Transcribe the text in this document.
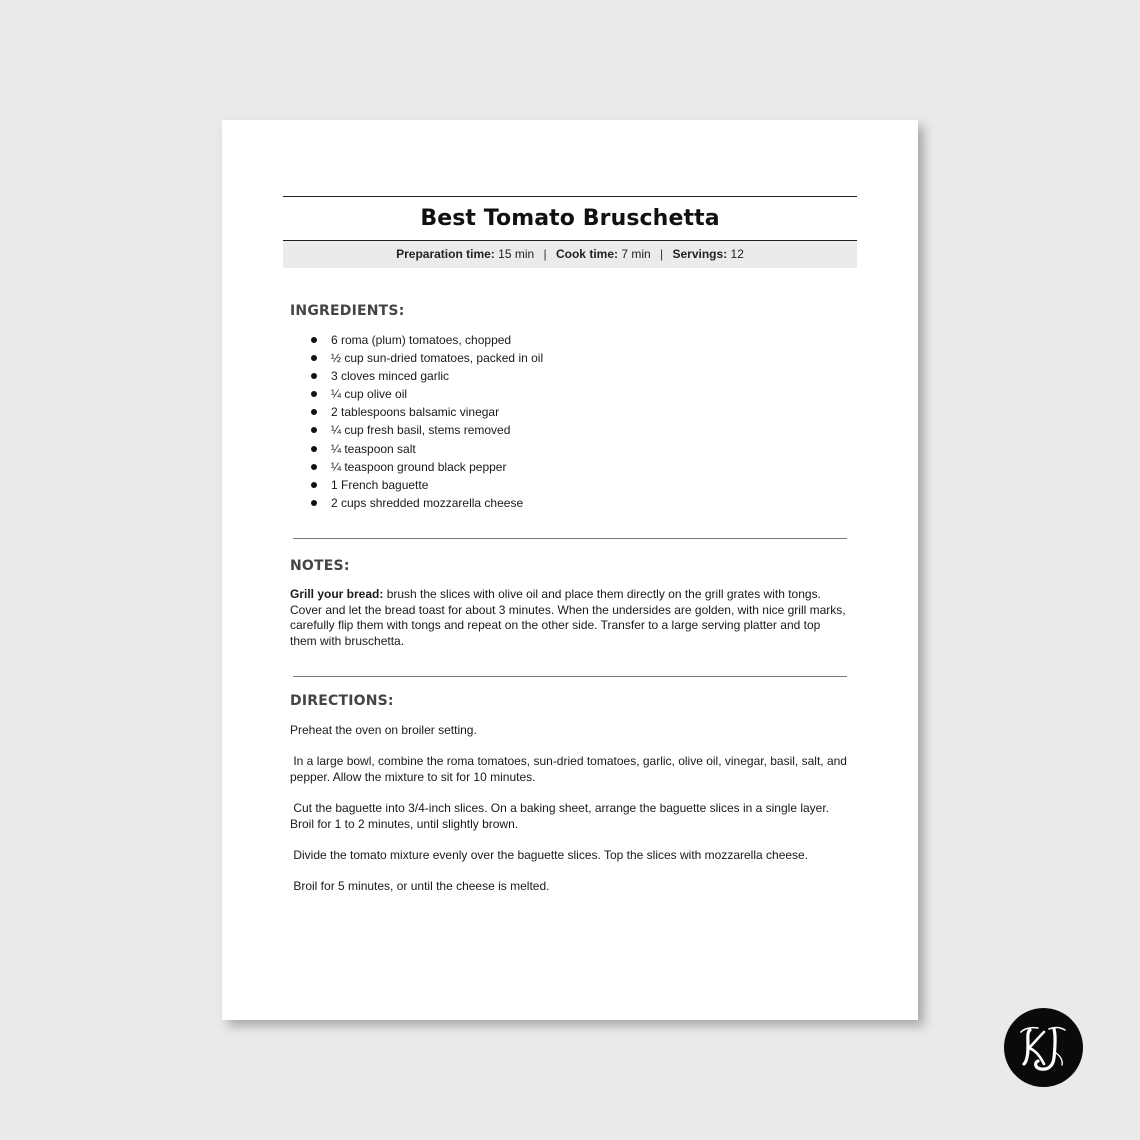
Best Tomato Bruschetta
Preparation time: 15 min | Cook time: 7 min | Servings: 12
INGREDIENTS:
6 roma (plum) tomatoes, chopped
½ cup sun-dried tomatoes, packed in oil
3 cloves minced garlic
¼ cup olive oil
2 tablespoons balsamic vinegar
¼ cup fresh basil, stems removed
¼ teaspoon salt
¼ teaspoon ground black pepper
1 French baguette
2 cups shredded mozzarella cheese
NOTES:
Grill your bread: brush the slices with olive oil and place them directly on the grill grates with tongs. Cover and let the bread toast for about 3 minutes. When the undersides are golden, with nice grill marks, carefully flip them with tongs and repeat on the other side. Transfer to a large serving platter and top them with bruschetta.
DIRECTIONS:
Preheat the oven on broiler setting.
In a large bowl, combine the roma tomatoes, sun-dried tomatoes, garlic, olive oil, vinegar, basil, salt, and pepper. Allow the mixture to sit for 10 minutes.
Cut the baguette into 3/4-inch slices. On a baking sheet, arrange the baguette slices in a single layer. Broil for 1 to 2 minutes, until slightly brown.
Divide the tomato mixture evenly over the baguette slices. Top the slices with mozzarella cheese.
Broil for 5 minutes, or until the cheese is melted.
